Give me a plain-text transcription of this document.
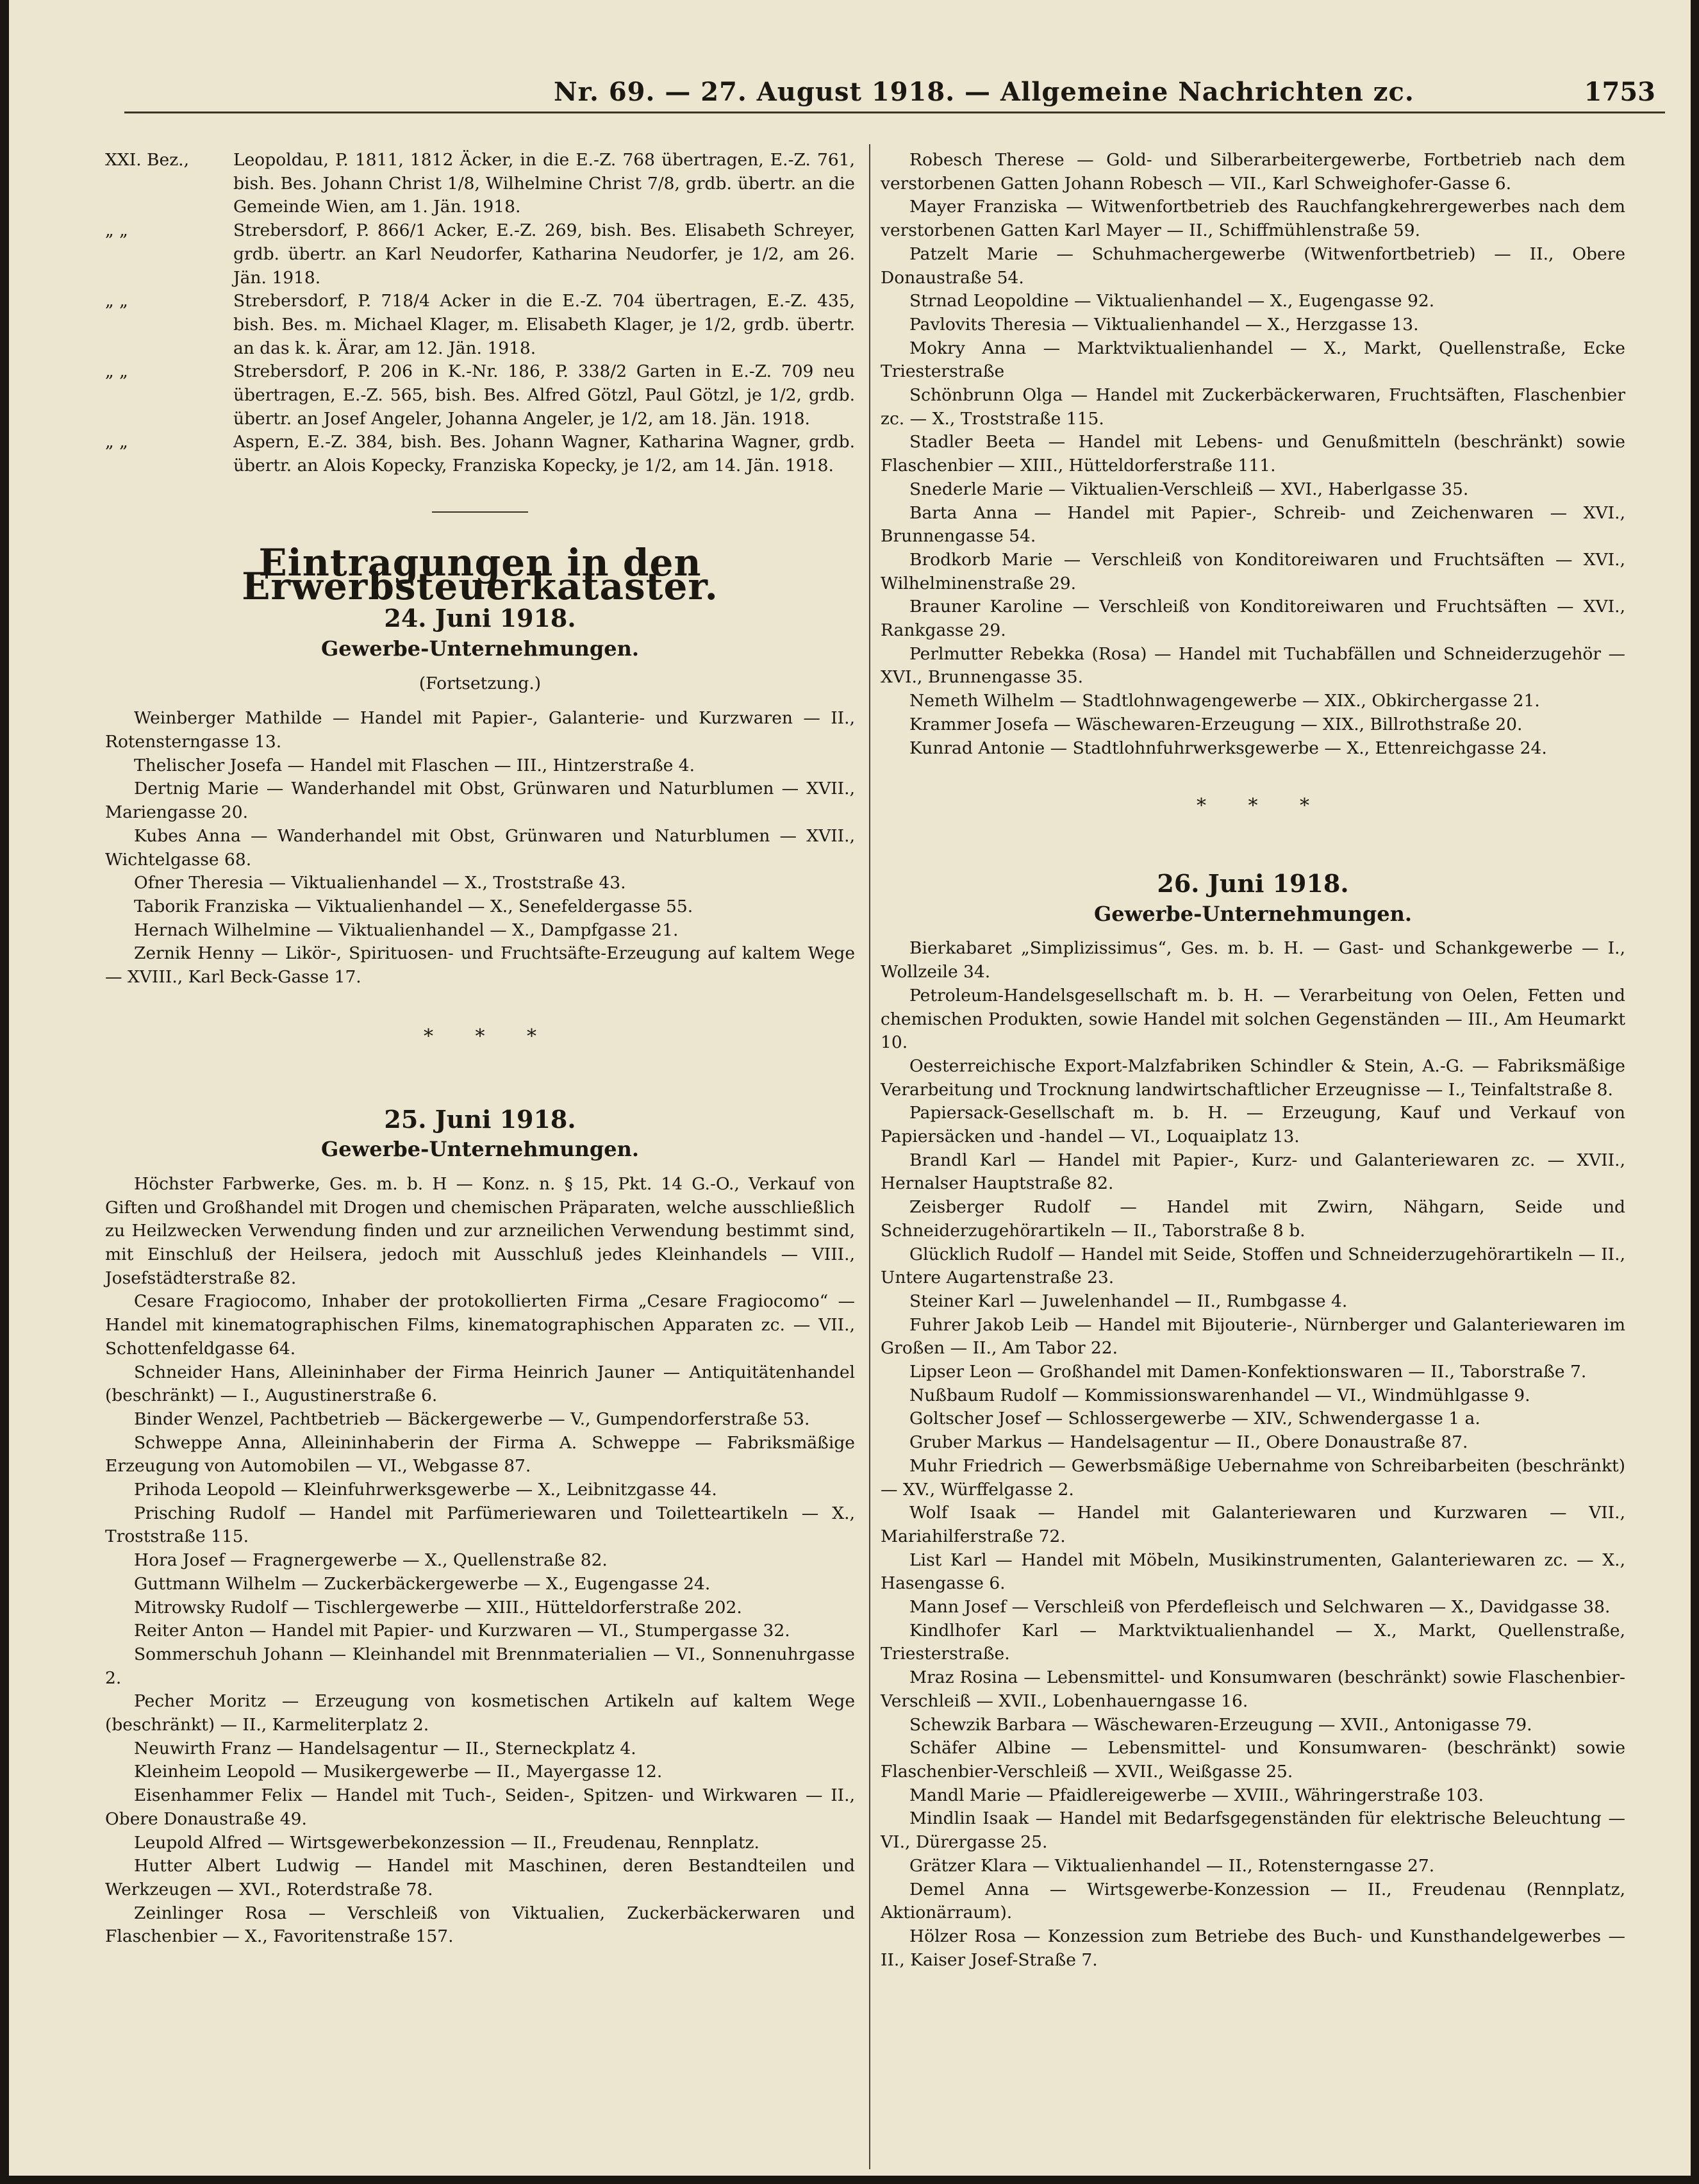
Nr. 69. — 27. August 1918. — Allgemeine Nachrichten zc.	1753
XXI. Bez.,	Leopoldau, P. 1811, 1812 Äcker, in die E.-Z. 768 übertragen, E.-Z. 761, bish. Bes. Johann Christ 1/8, Wilhelmine Christ 7/8, grdb. übertr. an die Gemeinde Wien, am 1. Jän. 1918.
„ „	Strebersdorf, P. 866/1 Acker, E.-Z. 269, bish. Bes. Elisabeth Schreyer, grdb. übertr. an Karl Neudorfer, Katharina Neudorfer, je 1/2, am 26. Jän. 1918.
„ „	Strebersdorf, P. 718/4 Acker in die E.-Z. 704 übertragen, E.-Z. 435, bish. Bes. m. Michael Klager, m. Elisabeth Klager, je 1/2, grdb. übertr. an das k. k. Ärar, am 12. Jän. 1918.
„ „	Strebersdorf, P. 206 in K.-Nr. 186, P. 338/2 Garten in E.-Z. 709 neu übertragen, E.-Z. 565, bish. Bes. Alfred Götzl, Paul Götzl, je 1/2, grdb. übertr. an Josef Angeler, Johanna Angeler, je 1/2, am 18. Jän. 1918.
„ „	Aspern, E.-Z. 384, bish. Bes. Johann Wagner, Katharina Wagner, grdb. übertr. an Alois Kopecky, Franziska Kopecky, je 1/2, am 14. Jän. 1918.
Eintragungen in den Erwerbsteuerkataster.
24. Juni 1918.
Gewerbe-Unternehmungen.
(Fortsetzung.)

Weinberger Mathilde — Handel mit Papier-, Galanterie- und Kurzwaren — II., Rotensterngasse 13.

Thelischer Josefa — Handel mit Flaschen — III., Hintzerstraße 4.

Dertnig Marie — Wanderhandel mit Obst, Grünwaren und Naturblumen — XVII., Mariengasse 20.

Kubes Anna — Wanderhandel mit Obst, Grünwaren und Naturblumen — XVII., Wichtelgasse 68.

Ofner Theresia — Viktualienhandel — X., Troststraße 43.

Taborik Franziska — Viktualienhandel — X., Senefeldergasse 55.

Hernach Wilhelmine — Viktualienhandel — X., Dampfgasse 21.

Zernik Henny — Likör-, Spirituosen- und Fruchtsäfte-Erzeugung auf kaltem Wege — XVIII., Karl Beck-Gasse 17.

* * *
25. Juni 1918.
Gewerbe-Unternehmungen.

Höchster Farbwerke, Ges. m. b. H — Konz. n. § 15, Pkt. 14 G.-O., Verkauf von Giften und Großhandel mit Drogen und chemischen Präparaten, welche ausschließlich zu Heilzwecken Verwendung finden und zur arzneilichen Verwendung bestimmt sind, mit Einschluß der Heilsera, jedoch mit Ausschluß jedes Kleinhandels — VIII., Josefstädterstraße 82.

Cesare Fragiocomo, Inhaber der protokollierten Firma „Cesare Fragiocomo“ — Handel mit kinematographischen Films, kinematographischen Apparaten zc. — VII., Schottenfeldgasse 64.

Schneider Hans, Alleininhaber der Firma Heinrich Jauner — Antiquitätenhandel (beschränkt) — I., Augustinerstraße 6.

Binder Wenzel, Pachtbetrieb — Bäckergewerbe — V., Gumpendorferstraße 53.

Schweppe Anna, Alleininhaberin der Firma A. Schweppe — Fabriksmäßige Erzeugung von Automobilen — VI., Webgasse 87.

Prihoda Leopold — Kleinfuhrwerksgewerbe — X., Leibnitzgasse 44.

Prisching Rudolf — Handel mit Parfümeriewaren und Toiletteartikeln — X., Troststraße 115.

Hora Josef — Fragnergewerbe — X., Quellenstraße 82.

Guttmann Wilhelm — Zuckerbäckergewerbe — X., Eugengasse 24.

Mitrowsky Rudolf — Tischlergewerbe — XIII., Hütteldorferstraße 202.

Reiter Anton — Handel mit Papier- und Kurzwaren — VI., Stumpergasse 32.

Sommerschuh Johann — Kleinhandel mit Brennmaterialien — VI., Sonnenuhrgasse 2.

Pecher Moritz — Erzeugung von kosmetischen Artikeln auf kaltem Wege (beschränkt) — II., Karmeliterplatz 2.

Neuwirth Franz — Handelsagentur — II., Sterneckplatz 4.

Kleinheim Leopold — Musikergewerbe — II., Mayergasse 12.

Eisenhammer Felix — Handel mit Tuch-, Seiden-, Spitzen- und Wirkwaren — II., Obere Donaustraße 49.

Leupold Alfred — Wirtsgewerbekonzession — II., Freudenau, Rennplatz.

Hutter Albert Ludwig — Handel mit Maschinen, deren Bestandteilen und Werkzeugen — XVI., Roterdstraße 78.

Zeinlinger Rosa — Verschleiß von Viktualien, Zuckerbäckerwaren und Flaschenbier — X., Favoritenstraße 157.

Robesch Therese — Gold- und Silberarbeitergewerbe, Fortbetrieb nach dem verstorbenen Gatten Johann Robesch — VII., Karl Schweighofer-Gasse 6.

Mayer Franziska — Witwenfortbetrieb des Rauchfangkehrergewerbes nach dem verstorbenen Gatten Karl Mayer — II., Schiffmühlenstraße 59.

Patzelt Marie — Schuhmachergewerbe (Witwenfortbetrieb) — II., Obere Donaustraße 54.

Strnad Leopoldine — Viktualienhandel — X., Eugengasse 92.

Pavlovits Theresia — Viktualienhandel — X., Herzgasse 13.

Mokry Anna — Marktviktualienhandel — X., Markt, Quellenstraße, Ecke Triesterstraße

Schönbrunn Olga — Handel mit Zuckerbäckerwaren, Fruchtsäften, Flaschenbier zc. — X., Troststraße 115.

Stadler Beeta — Handel mit Lebens- und Genußmitteln (beschränkt) sowie Flaschenbier — XIII., Hütteldorferstraße 111.

Snederle Marie — Viktualien-Verschleiß — XVI., Haberlgasse 35.

Barta Anna — Handel mit Papier-, Schreib- und Zeichenwaren — XVI., Brunnengasse 54.

Brodkorb Marie — Verschleiß von Konditoreiwaren und Fruchtsäften — XVI., Wilhelminenstraße 29.

Brauner Karoline — Verschleiß von Konditoreiwaren und Fruchtsäften — XVI., Rankgasse 29.

Perlmutter Rebekka (Rosa) — Handel mit Tuchabfällen und Schneiderzugehör — XVI., Brunnengasse 35.

Nemeth Wilhelm — Stadtlohnwagengewerbe — XIX., Obkirchergasse 21.

Krammer Josefa — Wäschewaren-Erzeugung — XIX., Billrothstraße 20.

Kunrad Antonie — Stadtlohnfuhrwerksgewerbe — X., Ettenreichgasse 24.

* * *
26. Juni 1918.
Gewerbe-Unternehmungen.

Bierkabaret „Simplizissimus“, Ges. m. b. H. — Gast- und Schankgewerbe — I., Wollzeile 34.

Petroleum-Handelsgesellschaft m. b. H. — Verarbeitung von Oelen, Fetten und chemischen Produkten, sowie Handel mit solchen Gegenständen — III., Am Heumarkt 10.

Oesterreichische Export-Malzfabriken Schindler & Stein, A.-G. — Fabriksmäßige Verarbeitung und Trocknung landwirtschaftlicher Erzeugnisse — I., Teinfaltstraße 8.

Papiersack-Gesellschaft m. b. H. — Erzeugung, Kauf und Verkauf von Papiersäcken und -handel — VI., Loquaiplatz 13.

Brandl Karl — Handel mit Papier-, Kurz- und Galanteriewaren zc. — XVII., Hernalser Hauptstraße 82.

Zeisberger Rudolf — Handel mit Zwirn, Nähgarn, Seide und Schneiderzugehörartikeln — II., Taborstraße 8 b.

Glücklich Rudolf — Handel mit Seide, Stoffen und Schneiderzugehörartikeln — II., Untere Augartenstraße 23.

Steiner Karl — Juwelenhandel — II., Rumbgasse 4.

Fuhrer Jakob Leib — Handel mit Bijouterie-, Nürnberger und Galanteriewaren im Großen — II., Am Tabor 22.

Lipser Leon — Großhandel mit Damen-Konfektionswaren — II., Taborstraße 7.

Nußbaum Rudolf — Kommissionswarenhandel — VI., Windmühlgasse 9.

Goltscher Josef — Schlossergewerbe — XIV., Schwendergasse 1 a.

Gruber Markus — Handelsagentur — II., Obere Donaustraße 87.

Muhr Friedrich — Gewerbsmäßige Uebernahme von Schreibarbeiten (beschränkt) — XV., Würffelgasse 2.

Wolf Isaak — Handel mit Galanteriewaren und Kurzwaren — VII., Mariahilferstraße 72.

List Karl — Handel mit Möbeln, Musikinstrumenten, Galanteriewaren zc. — X., Hasengasse 6.

Mann Josef — Verschleiß von Pferdefleisch und Selchwaren — X., Davidgasse 38.

Kindlhofer Karl — Marktviktualienhandel — X., Markt, Quellenstraße, Triesterstraße.

Mraz Rosina — Lebensmittel- und Konsumwaren (beschränkt) sowie Flaschenbier-Verschleiß — XVII., Lobenhauerngasse 16.

Schewzik Barbara — Wäschewaren-Erzeugung — XVII., Antonigasse 79.

Schäfer Albine — Lebensmittel- und Konsumwaren- (beschränkt) sowie Flaschenbier-Verschleiß — XVII., Weißgasse 25.

Mandl Marie — Pfaidlereigewerbe — XVIII., Währingerstraße 103.

Mindlin Isaak — Handel mit Bedarfsgegenständen für elektrische Beleuchtung — VI., Dürergasse 25.

Grätzer Klara — Viktualienhandel — II., Rotensterngasse 27.

Demel Anna — Wirtsgewerbe-Konzession — II., Freudenau (Rennplatz, Aktionärraum).

Hölzer Rosa — Konzession zum Betriebe des Buch- und Kunsthandelgewerbes — II., Kaiser Josef-Straße 7.
